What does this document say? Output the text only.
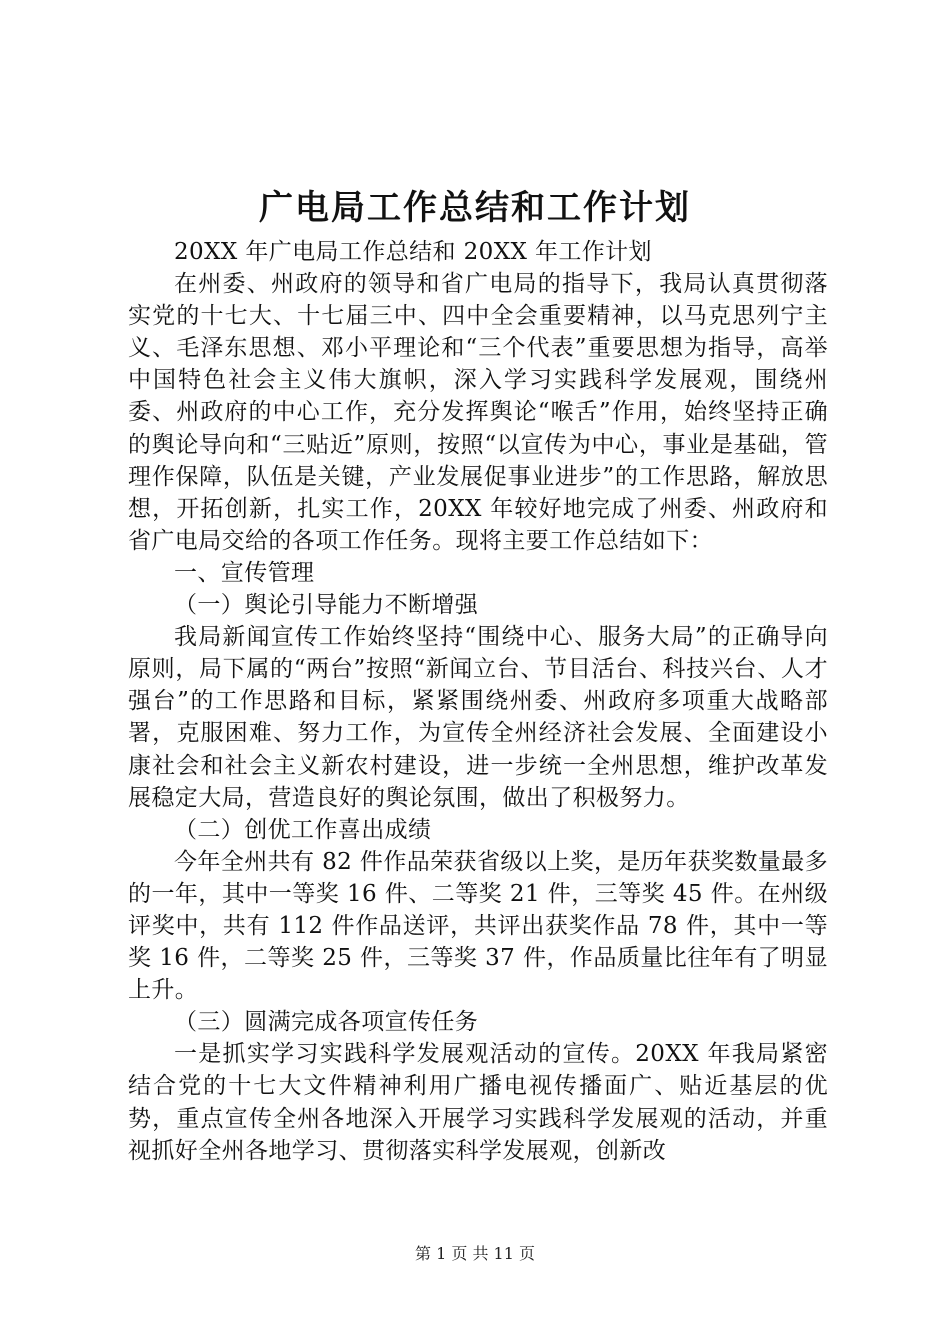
广电局工作总结和工作计划

20XX 年广电局工作总结和 20XX 年工作计划

在州委、州政府的领导和省广电局的指导下，我局认真贯彻落实党的十七大、十七届三中、四中全会重要精神，以马克思列宁主义、毛泽东思想、邓小平理论和“三个代表”重要思想为指导，高举中国特色社会主义伟大旗帜，深入学习实践科学发展观，围绕州委、州政府的中心工作，充分发挥舆论“喉舌”作用，始终坚持正确的舆论导向和“三贴近”原则，按照“以宣传为中心，事业是基础，管理作保障，队伍是关键，产业发展促事业进步”的工作思路，解放思想，开拓创新，扎实工作，20XX 年较好地完成了州委、州政府和省广电局交给的各项工作任务。现将主要工作总结如下：

一、宣传管理

（一）舆论引导能力不断增强

我局新闻宣传工作始终坚持“围绕中心、服务大局”的正确导向原则，局下属的“两台”按照“新闻立台、节目活台、科技兴台、人才强台”的工作思路和目标，紧紧围绕州委、州政府多项重大战略部署，克服困难、努力工作，为宣传全州经济社会发展、全面建设小康社会和社会主义新农村建设，进一步统一全州思想，维护改革发展稳定大局，营造良好的舆论氛围，做出了积极努力。

（二）创优工作喜出成绩

今年全州共有 82 件作品荣获省级以上奖，是历年获奖数量最多的一年，其中一等奖 16 件、二等奖 21 件，三等奖 45 件。在州级评奖中，共有 112 件作品送评，共评出获奖作品 78 件，其中一等奖 16 件，二等奖 25 件，三等奖 37 件，作品质量比往年有了明显上升。

（三）圆满完成各项宣传任务

一是抓实学习实践科学发展观活动的宣传。20XX 年我局紧密结合党的十七大文件精神利用广播电视传播面广、贴近基层的优势，重点宣传全州各地深入开展学习实践科学发展观的活动，并重视抓好全州各地学习、贯彻落实科学发展观，创新改

第 1 页 共 11 页
